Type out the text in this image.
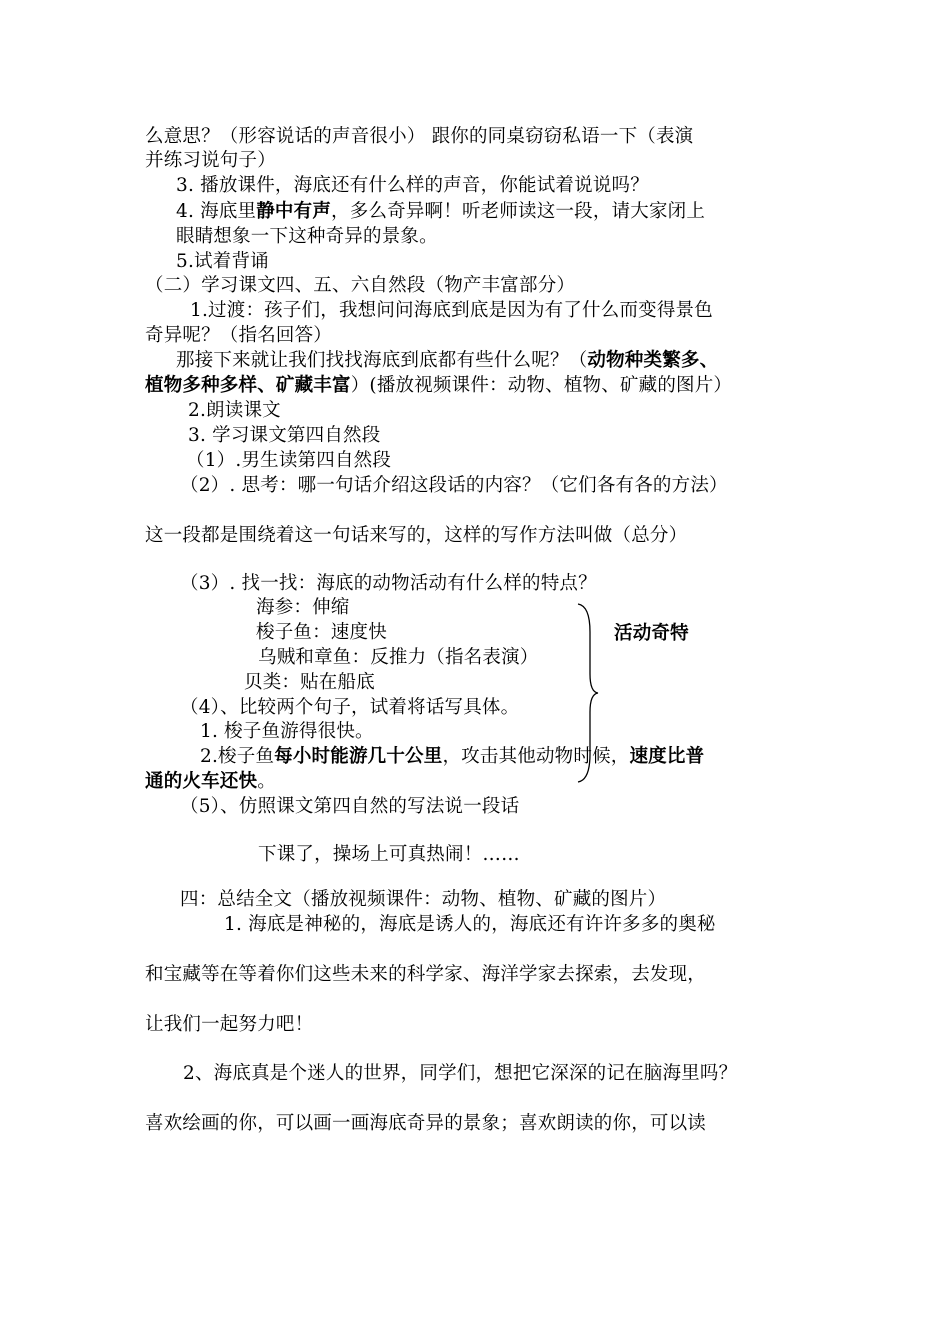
么意思？（形容说话的声音很小） 跟你的同桌窃窃私语一下（表演
并练习说句子）
3. 播放课件，海底还有什么样的声音，你能试着说说吗？
4. 海底里静中有声，多么奇异啊！听老师读这一段，请大家闭上
眼睛想象一下这种奇异的景象。
5.试着背诵
（二）学习课文四、五、六自然段（物产丰富部分）
1.过渡：孩子们，我想问问海底到底是因为有了什么而变得景色
奇异呢？（指名回答）
那接下来就让我们找找海底到底都有些什么呢？（动物种类繁多、
植物多种多样、矿藏丰富）(播放视频课件：动物、植物、矿藏的图片）
2.朗读课文
3. 学习课文第四自然段
（1）.男生读第四自然段
（2）. 思考：哪一句话介绍这段话的内容？（它们各有各的方法）
这一段都是围绕着这一句话来写的，这样的写作方法叫做（总分）
（3）. 找一找：海底的动物活动有什么样的特点？
海参：伸缩
梭子鱼：速度快
乌贼和章鱼：反推力（指名表演）
贝类：贴在船底
（4）、比较两个句子，试着将话写具体。
1. 梭子鱼游得很快。
2.梭子鱼每小时能游几十公里，攻击其他动物时候，速度比普
通的火车还快。
（5）、仿照课文第四自然的写法说一段话
下课了，操场上可真热闹！……
四：总结全文（播放视频课件：动物、植物、矿藏的图片）
1. 海底是神秘的，海底是诱人的，海底还有许许多多的奥秘
和宝藏等在等着你们这些未来的科学家、海洋学家去探索，去发现，
让我们一起努力吧！
2、海底真是个迷人的世界，同学们，想把它深深的记在脑海里吗？
喜欢绘画的你，可以画一画海底奇异的景象；喜欢朗读的你，可以读
活动奇特
